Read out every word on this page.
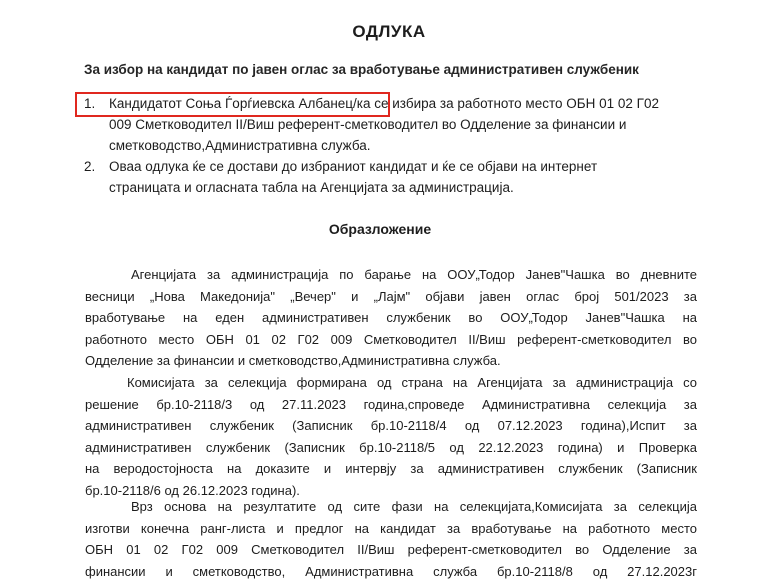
ОДЛУКА
За избор на кандидат по јавен оглас за вработување административен службеник
1. Кандидатот Соња Ѓорѓиевска Албанец/ка се избира за работното место ОБН 01 02 Г02
009 Сметководител II/Виш референт-сметководител во Одделение за финансии и
сметководство,Административна служба.
2. Оваа одлука ќе се достави до избраниот кандидат и ќе се објави на интернет
страницата и огласната табла на Агенцијата за администрација.
Образложение
Агенцијата за администрација по барање на ООУ„Тодор Јанев"Чашка во дневните
весници „Нова Македонија" „Вечер" и „Лајм" објави јавен оглас број 501/2023 за
вработување на еден административен службеник во ООУ„Тодор Јанев"Чашка на
работното место ОБН 01 02 Г02 009 Сметководител II/Виш референт-сметководител во
Одделение за финансии и сметководство,Административна служба.
Комисијата за селекција формирана од страна на Агенцијата за администрација со
решение бр.10-2118/3 од 27.11.2023 година,спроведе Административна селекција за
административен службеник (Записник бр.10-2118/4 од 07.12.2023 година),Испит за
административен службеник (Записник бр.10-2118/5 од 22.12.2023 година) и Проверка
на веродостојноста на доказите и интервју за административен службеник (Записник
бр.10-2118/6 од 26.12.2023 година).
Врз основа на резултатите од сите фази на селекцијата,Комисијата за селекција
изготви конечна ранг-листа и предлог на кандидат за вработување на работното место
ОБН 01 02 Г02 009 Сметководител II/Виш референт-сметководител во Одделение за
финансии и сметководство, Административна служба бр.10-2118/8 од 27.12.2023г
